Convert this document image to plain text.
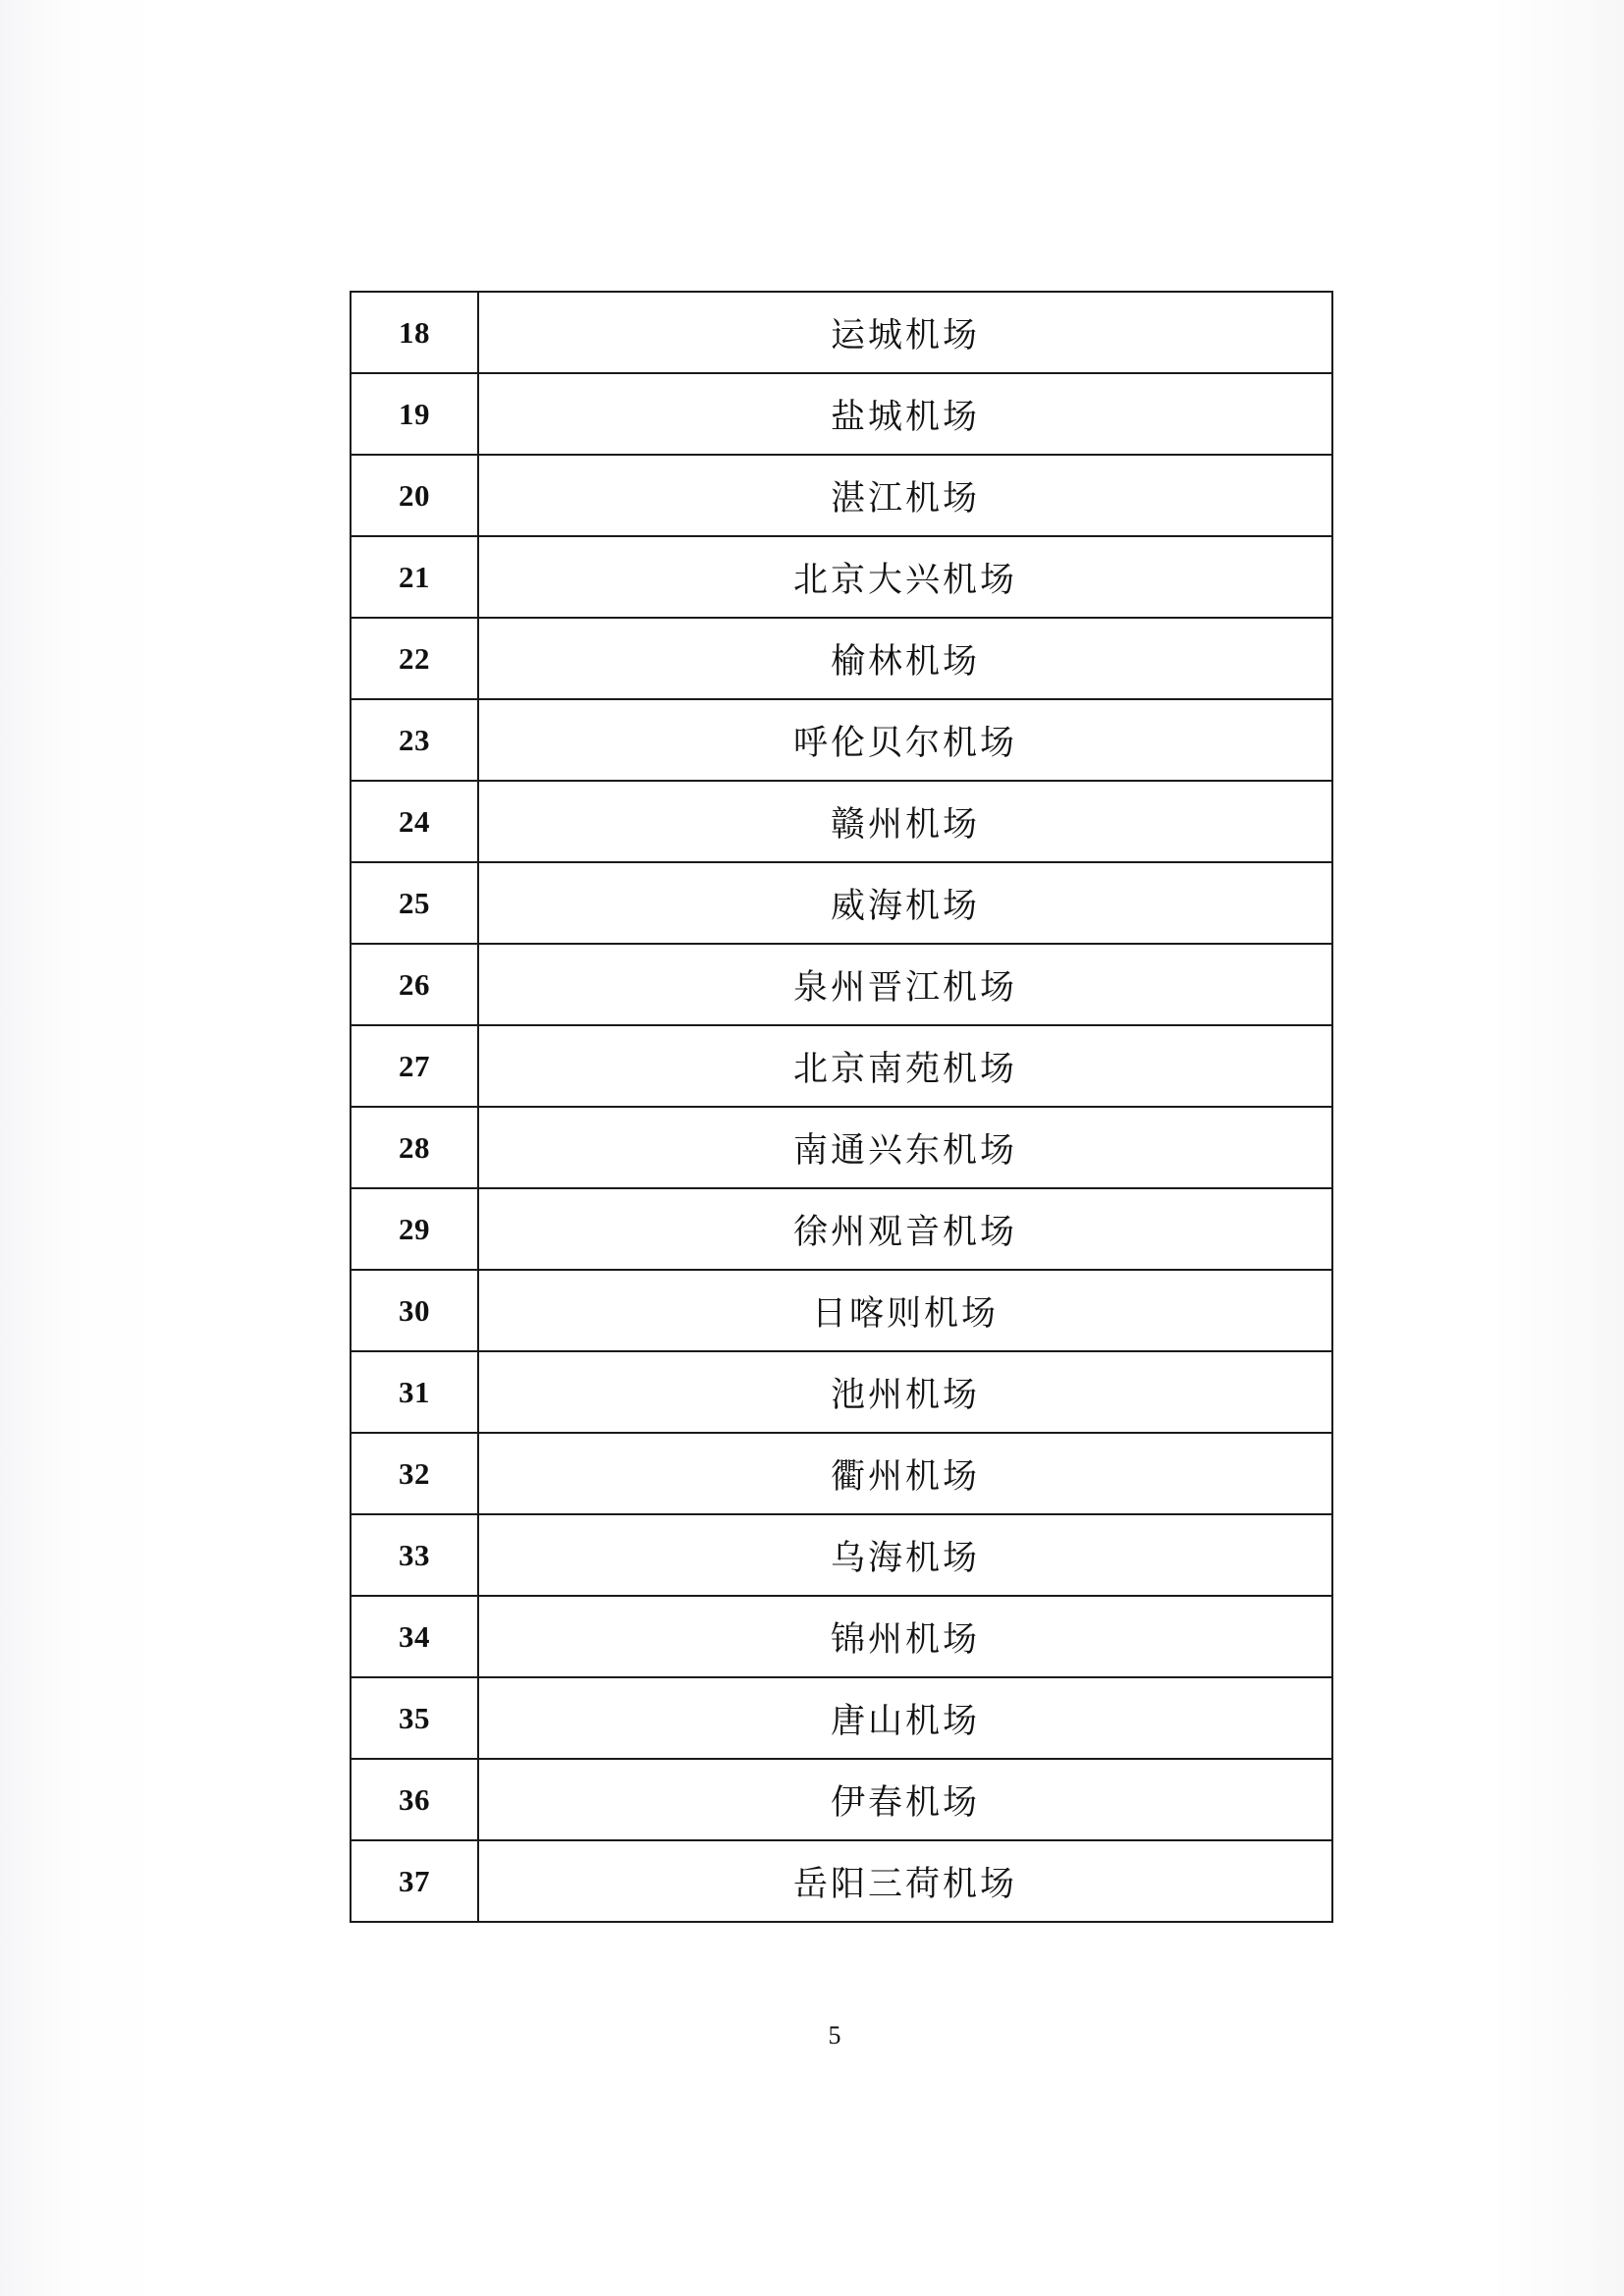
18	运城机场
19	盐城机场
20	湛江机场
21	北京大兴机场
22	榆林机场
23	呼伦贝尔机场
24	赣州机场
25	威海机场
26	泉州晋江机场
27	北京南苑机场
28	南通兴东机场
29	徐州观音机场
30	日喀则机场
31	池州机场
32	衢州机场
33	乌海机场
34	锦州机场
35	唐山机场
36	伊春机场
37	岳阳三荷机场
5
